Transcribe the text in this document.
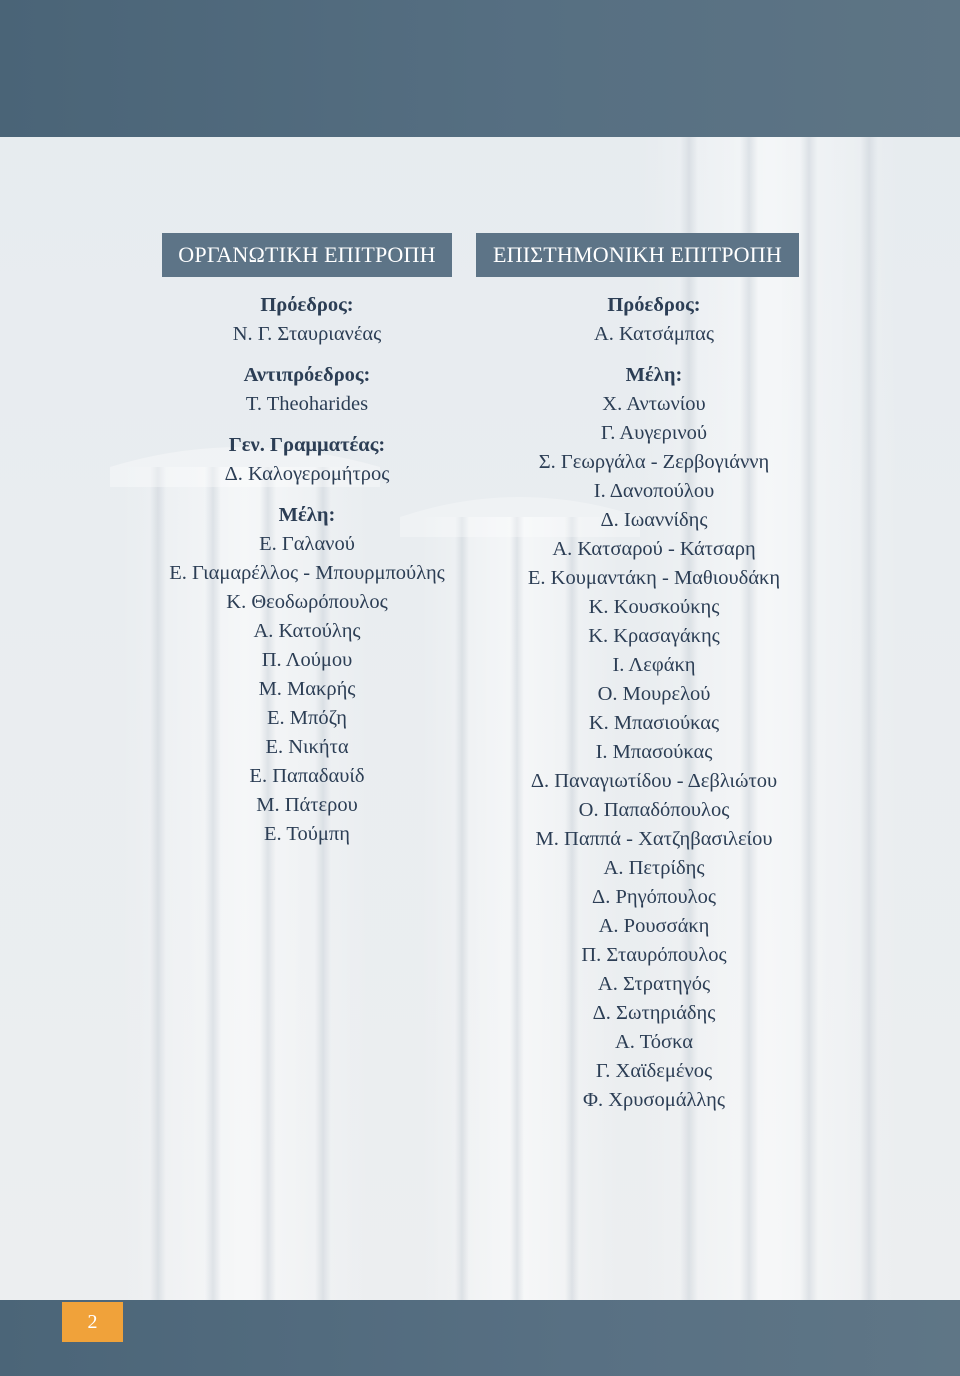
ΟΡΓΑΝΩΤΙΚΗ ΕΠΙΤΡΟΠΗ	ΕΠΙΣΤΗΜΟΝΙΚΗ ΕΠΙΤΡΟΠΗ
Πρόεδρος:
Ν. Γ. Σταυριανέας
Αντιπρόεδρος:
T. Theoharides
Γεν. Γραμματέας:
Δ. Καλογερομήτρος
Μέλη:
Ε. Γαλανού
Ε. Γιαμαρέλλος - Μπουρμπούλης
Κ. Θεοδωρόπουλος
Α. Κατούλης
Π. Λούμου
Μ. Μακρής
Ε. Μπόζη
Ε. Νικήτα
Ε. Παπαδαυίδ
Μ. Πάτερου
Ε. Τούμπη
Πρόεδρος:
Α. Κατσάμπας
Μέλη:
Χ. Αντωνίου
Γ. Αυγερινού
Σ. Γεωργάλα - Ζερβογιάννη
Ι. Δανοπούλου
Δ. Ιωαννίδης
Α. Κατσαρού - Κάτσαρη
Ε. Κουμαντάκη - Μαθιουδάκη
Κ. Κουσκούκης
Κ. Κρασαγάκης
Ι. Λεφάκη
Ο. Μουρελού
Κ. Μπασιούκας
Ι. Μπασούκας
Δ. Παναγιωτίδου - Δεβλιώτου
Ο. Παπαδόπουλος
Μ. Παππά - Χατζηβασιλείου
Α. Πετρίδης
Δ. Ρηγόπουλος
Α. Ρουσσάκη
Π. Σταυρόπουλος
Α. Στρατηγός
Δ. Σωτηριάδης
Α. Τόσκα
Γ. Χαϊδεμένος
Φ. Χρυσομάλλης
2
